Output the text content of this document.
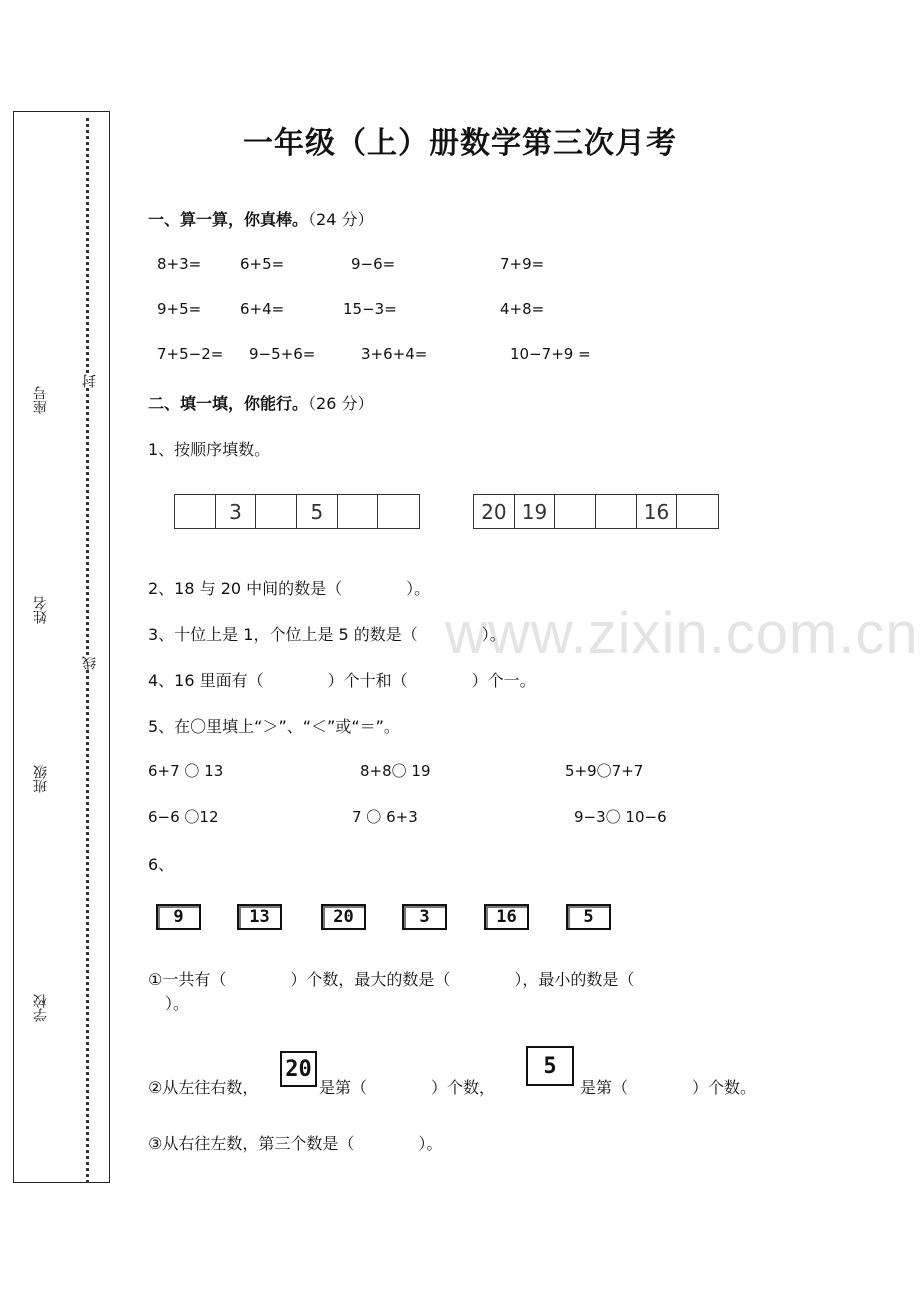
封
线
座号
姓名
班级
学校
www.zixin.com.cn
一年级（上）册数学第三次月考
一、算一算，你真棒。（24 分）
8+3=	6+5=	9−6=	7+9=
9+5=	6+4=	15−3=	4+8=
7+5−2= 9−5+6=	3+6+4=	10−7+9 =
二、填一填，你能行。（26 分）
1、按顺序填数。
3	5	20 19	16
2、18 与 20 中间的数是（　　　　）。
3、十位上是 1，个位上是 5 的数是（　　　　）。
4、16 里面有（　　　　）个十和（　　　　）个一。
5、在〇里填上“＞”、“＜”或“＝”。
6+7 〇 13	8+8〇 19	5+9〇7+7
6−6 〇12	7 〇 6+3	9−3〇 10−6
6、
9	13	20	3	16	5
①一共有（　　　　）个数，最大的数是（　　　　），最小的数是（
）。
②从左往右数，
20
是第（　　　　）个数，
5
是第（　　　　）个数。
③从右往左数，第三个数是（　　　　）。
